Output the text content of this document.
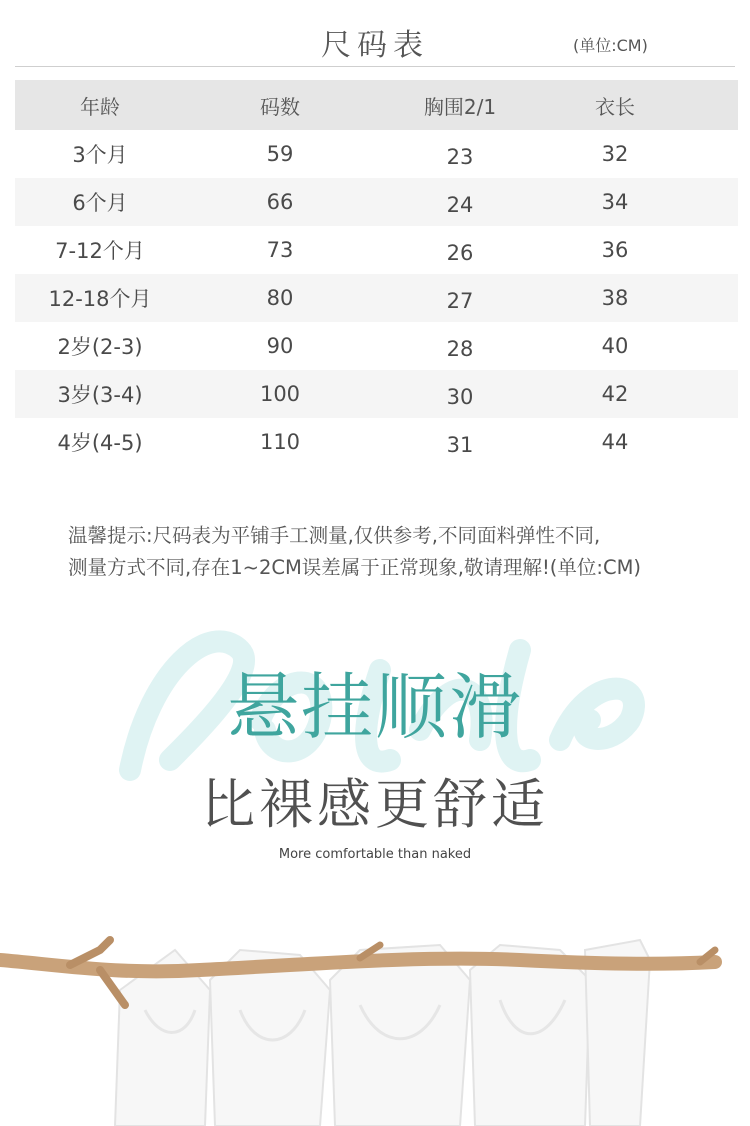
尺码表	(单位:CM)
年龄	码数	胸围2/1	衣长
3个月	59	23	32
6个月	66	24	34
7-12个月	73	26	36
12-18个月	80	27	38
2岁(2-3)	90	28	40
3岁(3-4)	100	30	42
4岁(4-5)	110	31	44
温馨提示:尺码表为平铺手工测量,仅供参考,不同面料弹性不同,
测量方式不同,存在1~2CM误差属于正常现象,敬请理解!(单位:CM)
悬挂顺滑
比裸感更舒适
More comfortable than naked
